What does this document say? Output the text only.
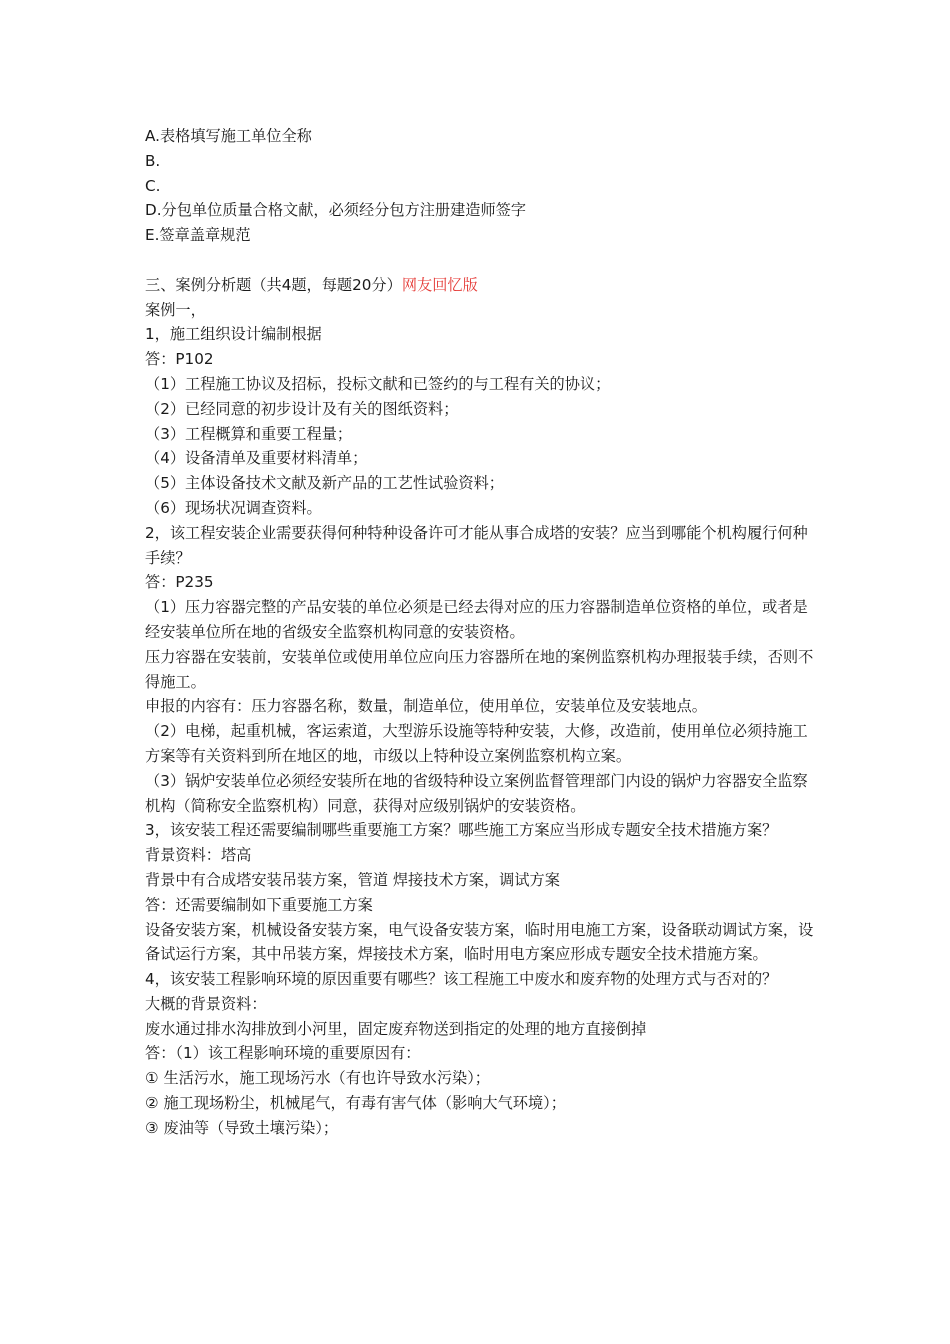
A.表格填写施工单位全称
B.
C.
D.分包单位质量合格文献，必须经分包方注册建造师签字
E.签章盖章规范
三、案例分析题（共4题，每题20分）网友回忆版
案例一，
1，施工组织设计编制根据
答：P102
（1）工程施工协议及招标，投标文献和已签约的与工程有关的协议；
（2）已经同意的初步设计及有关的图纸资料；
（3）工程概算和重要工程量；
（4）设备清单及重要材料清单；
（5）主体设备技术文献及新产品的工艺性试验资料；
（6）现场状况调查资料。
2，该工程安装企业需要获得何种特种设备许可才能从事合成塔的安装？应当到哪能个机构履行何种手续？
答：P235
（1）压力容器完整的产品安装的单位必须是已经去得对应的压力容器制造单位资格的单位，或者是经安装单位所在地的省级安全监察机构同意的安装资格。
压力容器在安装前，安装单位或使用单位应向压力容器所在地的案例监察机构办理报装手续，否则不得施工。
申报的内容有：压力容器名称，数量，制造单位，使用单位，安装单位及安装地点。
（2）电梯，起重机械，客运索道，大型游乐设施等特种安装，大修，改造前，使用单位必须持施工方案等有关资料到所在地区的地，市级以上特种设立案例监察机构立案。
（3）锅炉安装单位必须经安装所在地的省级特种设立案例监督管理部门内设的锅炉力容器安全监察机构（简称安全监察机构）同意，获得对应级别锅炉的安装资格。
3，该安装工程还需要编制哪些重要施工方案？哪些施工方案应当形成专题安全技术措施方案？
背景资料：塔高
背景中有合成塔安装吊装方案，管道 焊接技术方案，调试方案
答：还需要编制如下重要施工方案
设备安装方案，机械设备安装方案，电气设备安装方案，临时用电施工方案，设备联动调试方案，设备试运行方案，其中吊装方案，焊接技术方案，临时用电方案应形成专题安全技术措施方案。
4，该安装工程影响环境的原因重要有哪些？该工程施工中废水和废弃物的处理方式与否对的？
大概的背景资料：
废水通过排水沟排放到小河里，固定废弃物送到指定的处理的地方直接倒掉
答：（1）该工程影响环境的重要原因有：
① 生活污水，施工现场污水（有也许导致水污染）；
② 施工现场粉尘，机械尾气，有毒有害气体（影响大气环境）；
③ 废油等（导致土壤污染）；
